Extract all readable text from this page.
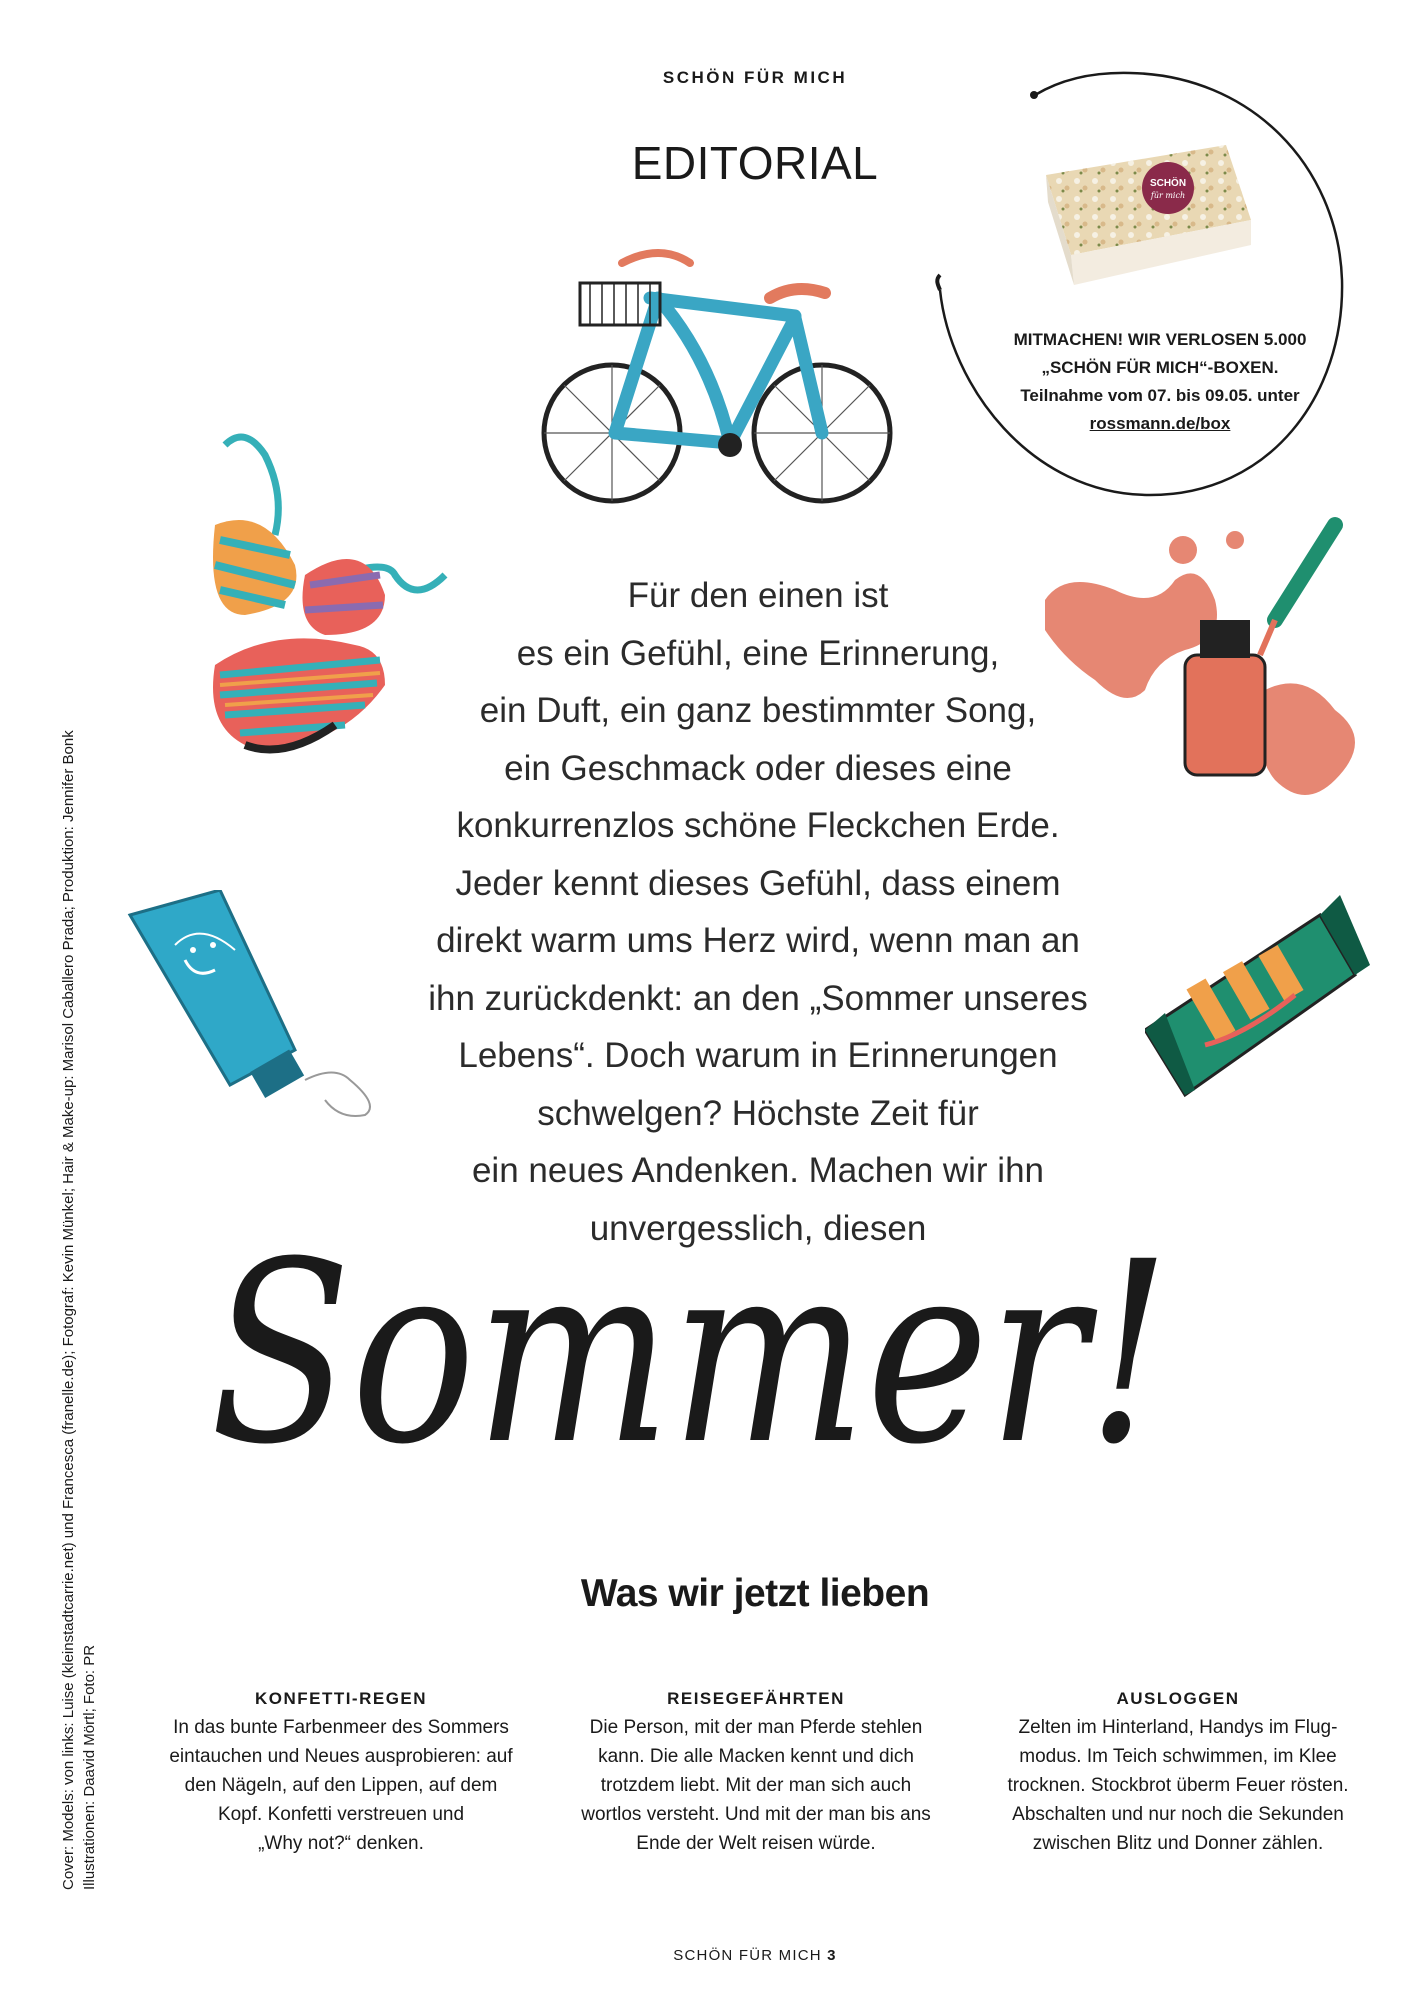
SCHÖN FÜR MICH
EDITORIAL	SCHÖN
für mich
MITMACHEN! WIR VERLOSEN 5.000
„SCHÖN FÜR MICH“-BOXEN.
Teilnahme vom 07. bis 09.05. unter
rossmann.de/box
Für den einen ist
es ein Gefühl, eine Erinnerung,
ein Duft, ein ganz bestimmter Song,
ein Geschmack oder dieses eine
konkurrenzlos schöne Fleckchen Erde.
Jeder kennt dieses Gefühl, dass einem
direkt warm ums Herz wird, wenn man an
ihn zurückdenkt: an den „Sommer unseres
Lebens“. Doch warum in Erinnerungen
schwelgen? Höchste Zeit für
ein neues Andenken. Machen wir ihn
unvergesslich, diesen
Sommer!
Cover: Models: von links: Luise (kleinstadtcarrie.net) und Francesca (franelle.de); Fotograf: Kevin Münkel; Hair & Make-up: Marisol Caballero Prada; Produktion: Jennifer Bonk Illustrationen: Daavid Mörtl; Foto: PR
Was wir jetzt lieben
KONFETTI-REGEN

In das bunte Farbenmeer des Sommers
eintauchen und Neues ausprobieren: auf
den Nägeln, auf den Lippen, auf dem
Kopf. Konfetti verstreuen und
„Why not?“ denken.

REISEGEFÄHRTEN

Die Person, mit der man Pferde stehlen
kann. Die alle Macken kennt und dich
trotzdem liebt. Mit der man sich auch
wortlos versteht. Und mit der man bis ans
Ende der Welt reisen würde.

AUSLOGGEN

Zelten im Hinterland, Handys im Flug-
modus. Im Teich schwimmen, im Klee
trocknen. Stockbrot überm Feuer rösten.
Abschalten und nur noch die Sekunden
zwischen Blitz und Donner zählen.

SCHÖN FÜR MICH 3
